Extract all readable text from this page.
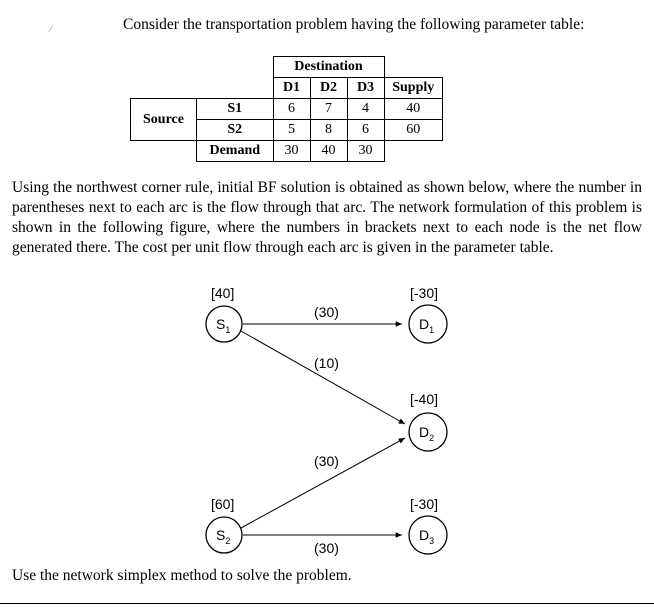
⁄	Consider the transportation problem having the following parameter table:
		Destination			
		D1	D2	D3	Supply
Source	S1	6	7	4	40
	S2	5	8	6	60
	Demand	30	40	30	
Using the northwest corner rule, initial BF solution is obtained as shown below, where the number in parentheses next to each arc is the flow through that arc. The network formulation of this problem is shown in the following figure, where the numbers in brackets next to each node is the net flow generated there. The cost per unit flow through each arc is given in the parameter table.
$S_1$
$S_2$
$D_1$
$D_2$
$D_3$
[40]
[60]
[-30]
[-40]
[-30]
(30)
(10)
(30)
(30)
Use the network simplex method to solve the problem.
